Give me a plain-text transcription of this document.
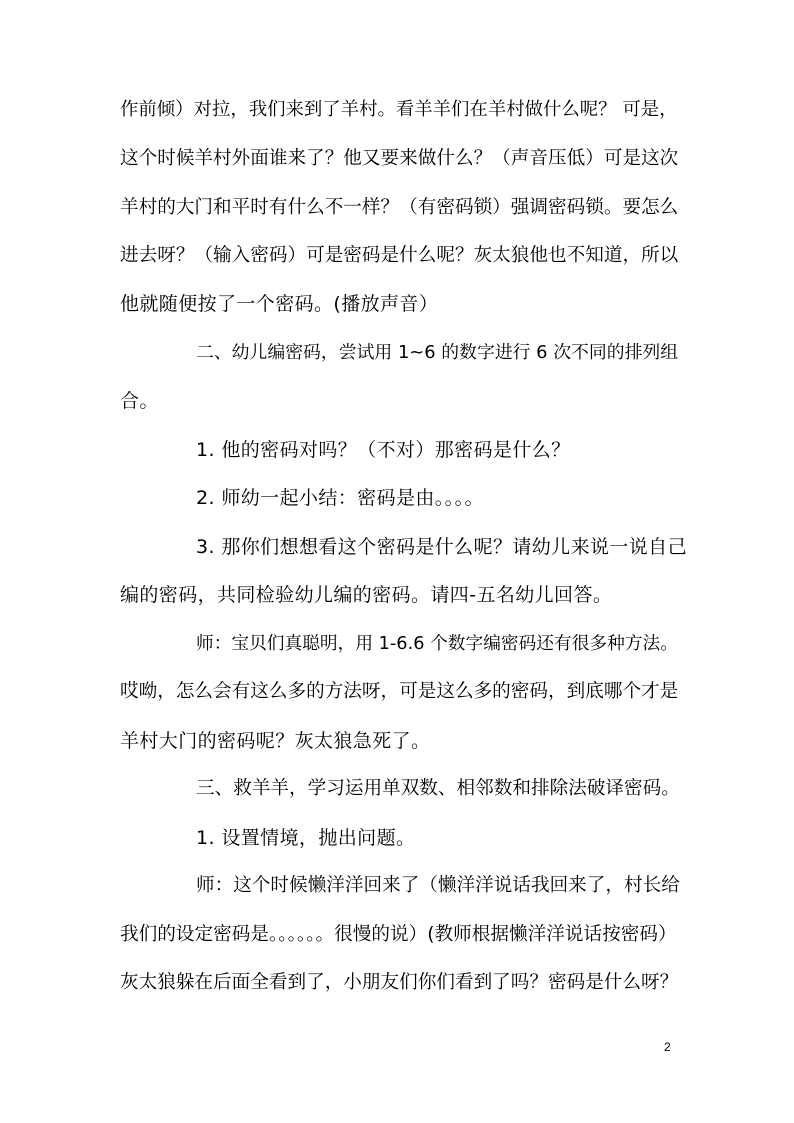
作前倾）对拉，我们来到了羊村。看羊羊们在羊村做什么呢？ 可是，
这个时候羊村外面谁来了？他又要来做什么？（声音压低）可是这次
羊村的大门和平时有什么不一样？（有密码锁）强调密码锁。要怎么
进去呀？（输入密码）可是密码是什么呢？灰太狼他也不知道，所以
他就随便按了一个密码。(播放声音）
二、幼儿编密码，尝试用 1~6 的数字进行 6 次不同的排列组
合。
1. 他的密码对吗？（不对）那密码是什么？
2. 师幼一起小结：密码是由。。。。
3. 那你们想想看这个密码是什么呢？请幼儿来说一说自己
编的密码，共同检验幼儿编的密码。请四-五名幼儿回答。
师：宝贝们真聪明，用 1-6.6 个数字编密码还有很多种方法。
哎呦，怎么会有这么多的方法呀，可是这么多的密码，到底哪个才是
羊村大门的密码呢？灰太狼急死了。
三、救羊羊，学习运用单双数、相邻数和排除法破译密码。
1. 设置情境，抛出问题。
师：这个时候懒洋洋回来了（懒洋洋说话我回来了，村长给
我们的设定密码是。。。。。。很慢的说）(教师根据懒洋洋说话按密码）
灰太狼躲在后面全看到了，小朋友们你们看到了吗？密码是什么呀？
2
